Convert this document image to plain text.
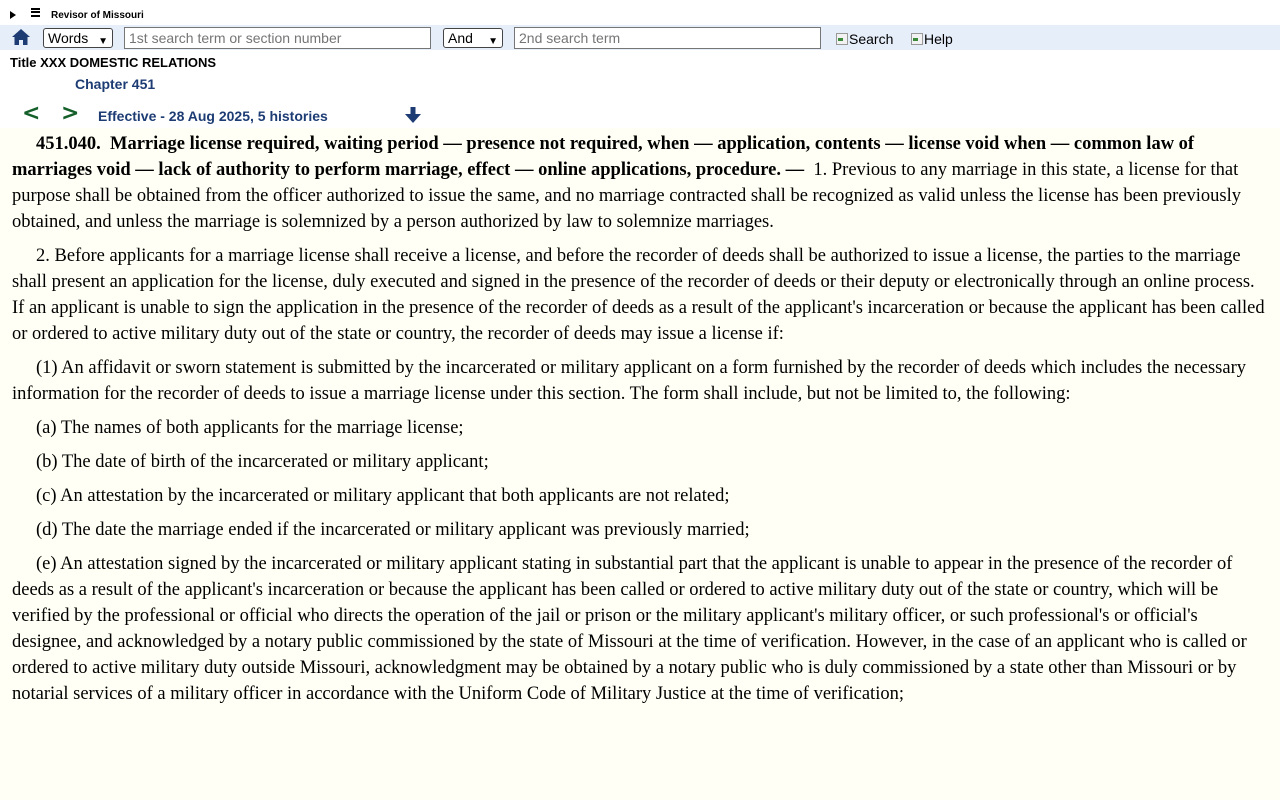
Revisor of Missouri
Words ▼	1st search term or section number	And ▼	2nd search term	Search Help
Title XXX DOMESTIC RELATIONS
Chapter 451
< > Effective - 28 Aug 2025, 5 histories

451.040. Marriage license required, waiting period — presence not required, when — application, contents — license void when — common law of marriages void — lack of authority to perform marriage, effect — online applications, procedure. — 1. Previous to any marriage in this state, a license for that purpose shall be obtained from the officer authorized to issue the same, and no marriage contracted shall be recognized as valid unless the license has been previously obtained, and unless the marriage is solemnized by a person authorized by law to solemnize marriages.

2. Before applicants for a marriage license shall receive a license, and before the recorder of deeds shall be authorized to issue a license, the parties to the marriage shall present an application for the license, duly executed and signed in the presence of the recorder of deeds or their deputy or electronically through an online process. If an applicant is unable to sign the application in the presence of the recorder of deeds as a result of the applicant's incarceration or because the applicant has been called or ordered to active military duty out of the state or country, the recorder of deeds may issue a license if:

(1) An affidavit or sworn statement is submitted by the incarcerated or military applicant on a form furnished by the recorder of deeds which includes the necessary information for the recorder of deeds to issue a marriage license under this section. The form shall include, but not be limited to, the following:

(a) The names of both applicants for the marriage license;

(b) The date of birth of the incarcerated or military applicant;

(c) An attestation by the incarcerated or military applicant that both applicants are not related;

(d) The date the marriage ended if the incarcerated or military applicant was previously married;

(e) An attestation signed by the incarcerated or military applicant stating in substantial part that the applicant is unable to appear in the presence of the recorder of deeds as a result of the applicant's incarceration or because the applicant has been called or ordered to active military duty out of the state or country, which will be verified by the professional or official who directs the operation of the jail or prison or the military applicant's military officer, or such professional's or official's designee, and acknowledged by a notary public commissioned by the state of Missouri at the time of verification. However, in the case of an applicant who is called or ordered to active military duty outside Missouri, acknowledgment may be obtained by a notary public who is duly commissioned by a state other than Missouri or by notarial services of a military officer in accordance with the Uniform Code of Military Justice at the time of verification;
